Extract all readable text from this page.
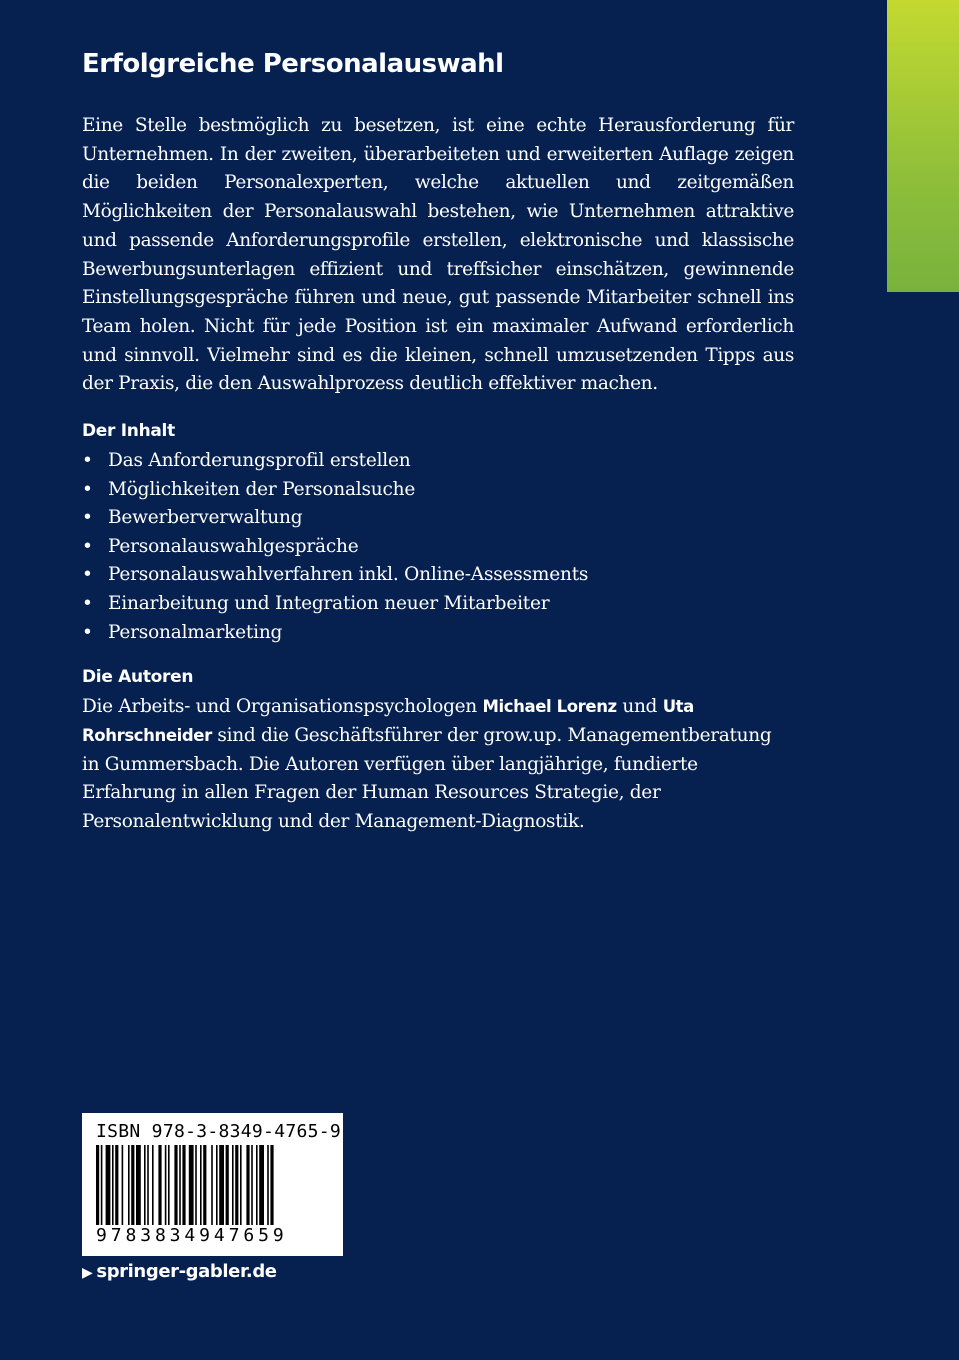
Erfolgreiche Personalauswahl

Eine Stelle bestmöglich zu besetzen, ist eine echte Herausforderung für Unternehmen. In der zweiten, überarbeiteten und erweiterten Auflage zeigen die beiden Personalexperten, welche aktuellen und zeitgemäßen Möglichkeiten der Personalauswahl bestehen, wie Unternehmen attraktive und passende Anforderungsprofile erstellen, elektronische und klassische Bewerbungsunterlagen effizient und treffsicher einschätzen, gewinnende Einstellungsgespräche führen und neue, gut passende Mitarbeiter schnell ins Team holen. Nicht für jede Position ist ein maximaler Aufwand erforderlich und sinnvoll. Vielmehr sind es die kleinen, schnell umzusetzenden Tipps aus der Praxis, die den Auswahlprozess deutlich effektiver machen.

Der Inhalt
• Das Anforderungsprofil erstellen
• Möglichkeiten der Personalsuche
• Bewerberverwaltung
• Personalauswahlgespräche
• Personalauswahlverfahren inkl. Online-Assessments
• Einarbeitung und Integration neuer Mitarbeiter
• Personalmarketing
Die Autoren

Die Arbeits- und Organisationspsychologen Michael Lorenz und Uta Rohrschneider sind die Geschäftsführer der grow.up. Managementberatung in Gummersbach. Die Autoren verfügen über langjährige, fundierte Erfahrung in allen Fragen der Human Resources Strategie, der Personalentwicklung und der Management-Diagnostik.

ISBN 978-3-8349-4765-9
9783834947659
▶ springer-gabler.de
